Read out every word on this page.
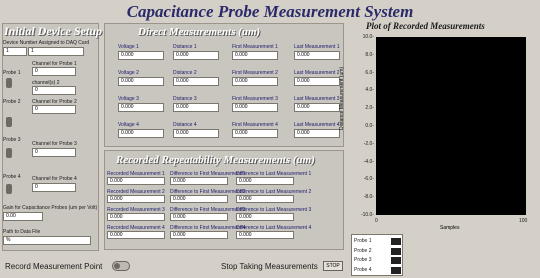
Capacitance Probe Measurement System
Initial Device Setup
Device Number Assigned to DAQ Card
1	1
Probe 1
Channel for Probe 1
0
channel(s) 2
0
Probe 2 Channel for Probe 2
0
Probe 3
Channel for Probe 3
0
Probe 4 Channel for Probe 4
0
Gain for Capacitance Probes (um per Volt)
0.00
Path to Data File
%
Direct Measurements (um)
Voltage 1
0.000
Distance 1
0.000
First Measurement 1
0.000
Last Measurement 1
0.000
Voltage 2
0.000
Distance 2
0.000
First Measurement 2
0.000
Last Measurement 2
0.000
Voltage 3
0.000
Distance 3
0.000
First Measurement 3
0.000
Last Measurement 3
0.000
Voltage 4
0.000
Distance 4
0.000
First Measurement 4
0.000
Last Measurement 4
0.000
Recorded Repeatability Measurements (um)
Recorded Measurement 1
0.000
Difference to First Measurement 1
0.000
Difference to Last Measurement 1
0.000
Recorded Measurement 2
0.000
Difference to First Measurement 2
0.000
Difference to Last Measurement 2
0.000
Recorded Measurement 3
0.000
Difference to First Measurement 3
0.000
Difference to Last Measurement 3
0.000
Recorded Measurement 4
0.000
Difference to First Measurement 4
0.000
Difference to Last Measurement 4
0.000
Plot of Recorded Measurements
10.0-
8.0-
6.0-
4.0-
2.0-
0.0-
-2.0-
-4.0-
-6.0-
-8.0-
-10.0-
Distance Measurement (um)
0	100
Samples
Probe 1
Probe 2
Probe 3
Probe 4
Record Measurement Point	Stop Taking Measurements	STOP
